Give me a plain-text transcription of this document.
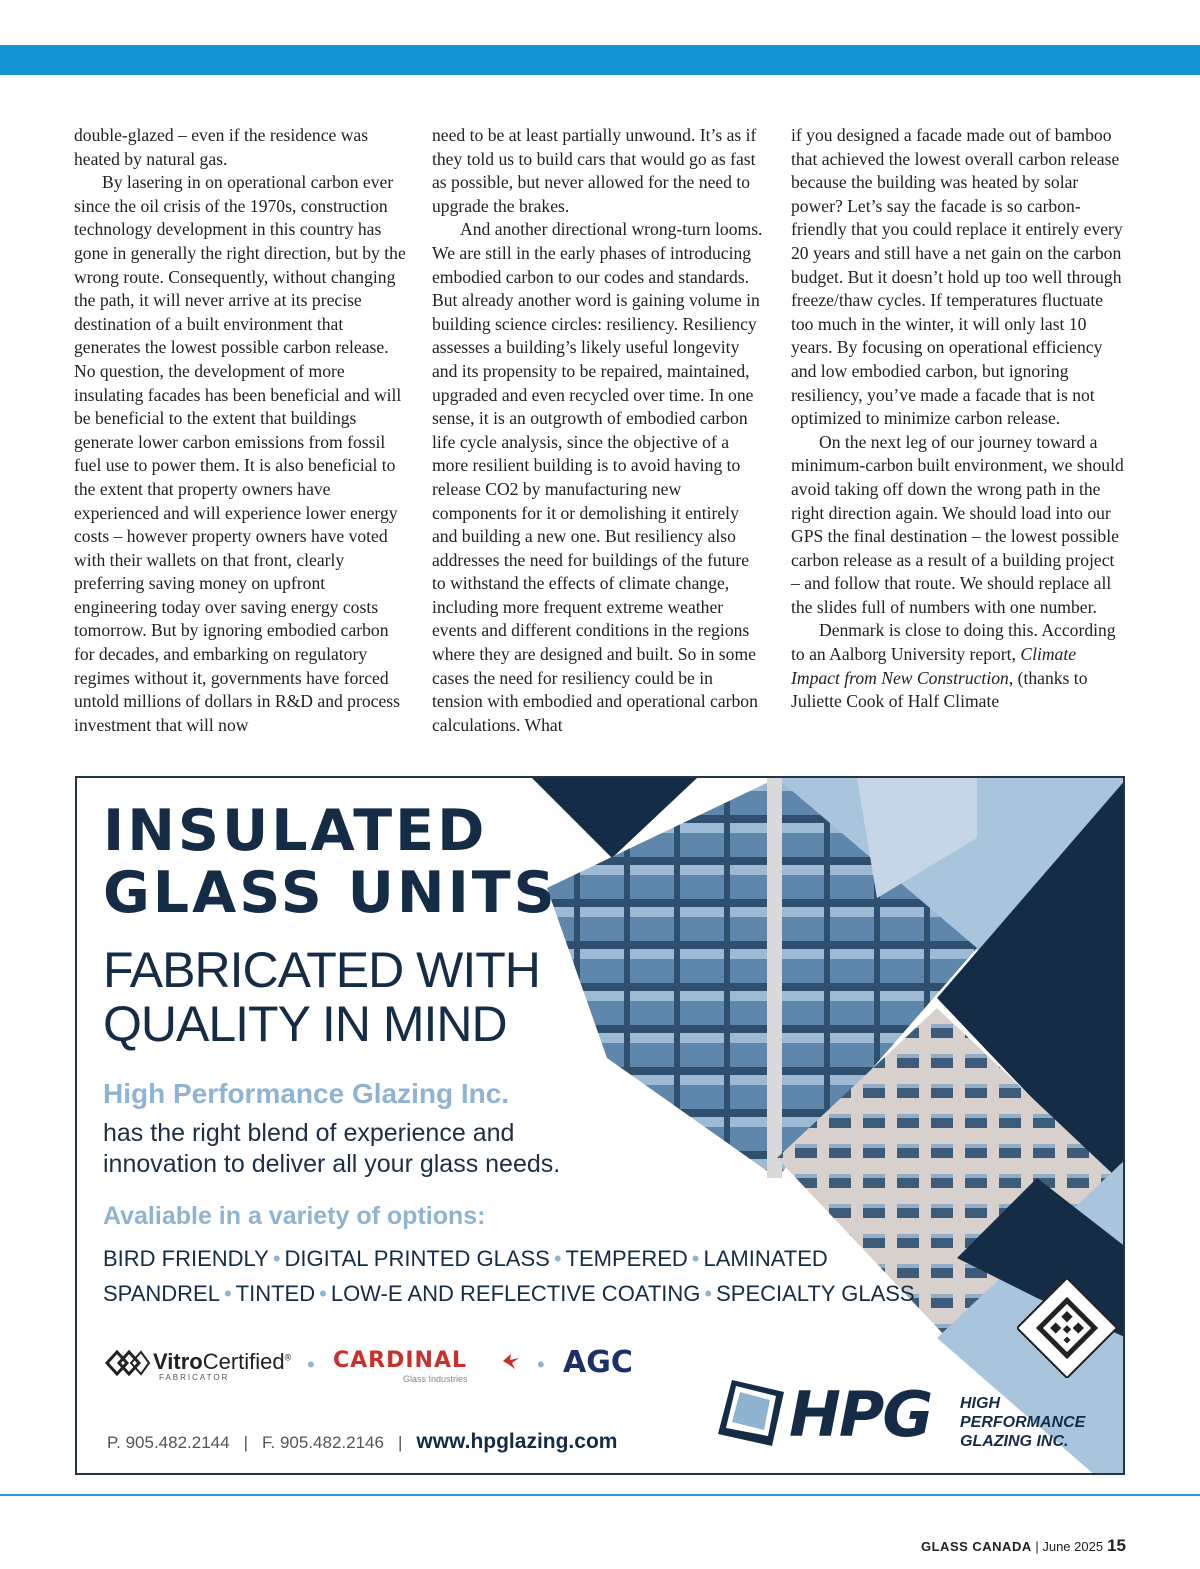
double-glazed – even if the residence was heated by natural gas.

By lasering in on operational carbon ever since the oil crisis of the 1970s, construction technology development in this country has gone in generally the right direction, but by the wrong route. Consequently, without changing the path, it will never arrive at its precise destination of a built environment that generates the lowest possible carbon release. No question, the development of more insulating facades has been beneficial and will be beneficial to the extent that buildings generate lower carbon emissions from fossil fuel use to power them. It is also beneficial to the extent that property owners have experienced and will experience lower energy costs – however property owners have voted with their wallets on that front, clearly preferring saving money on upfront engineering today over saving energy costs tomorrow. But by ignoring embodied carbon for decades, and embarking on regulatory regimes without it, governments have forced untold millions of dollars in R&D and process investment that will now

need to be at least partially unwound. It’s as if they told us to build cars that would go as fast as possible, but never allowed for the need to upgrade the brakes.

And another directional wrong-turn looms. We are still in the early phases of introducing embodied carbon to our codes and standards. But already another word is gaining volume in building science circles: resiliency. Resiliency assesses a building’s likely useful longevity and its propensity to be repaired, maintained, upgraded and even recycled over time. In one sense, it is an outgrowth of embodied carbon life cycle analysis, since the objective of a more resilient building is to avoid having to release CO2 by manufacturing new components for it or demolishing it entirely and building a new one. But resiliency also addresses the need for buildings of the future to withstand the effects of climate change, including more frequent extreme weather events and different conditions in the regions where they are designed and built. So in some cases the need for resiliency could be in tension with embodied and operational carbon calculations. What

if you designed a facade made out of bamboo that achieved the lowest overall carbon release because the building was heated by solar power? Let’s say the facade is so carbon-friendly that you could replace it entirely every 20 years and still have a net gain on the carbon budget. But it doesn’t hold up too well through freeze/thaw cycles. If temperatures fluctuate too much in the winter, it will only last 10 years. By focusing on operational efficiency and low embodied carbon, but ignoring resiliency, you’ve made a facade that is not optimized to minimize carbon release.

On the next leg of our journey toward a minimum-carbon built environment, we should avoid taking off down the wrong path in the right direction again. We should load into our GPS the final destination – the lowest possible carbon release as a result of a building project – and follow that route. We should replace all the slides full of numbers with one number.

Denmark is close to doing this. According to an Aalborg University report, Climate Impact from New Construction, (thanks to Juliette Cook of Half Climate

INSULATED
GLASS UNITS
FABRICATED WITH
QUALITY IN MIND

High Performance Glazing Inc.

has the right blend of experience and
innovation to deliver all your glass needs.

Avaliable in a variety of options:

BIRD FRIENDLY • DIGITAL PRINTED GLASS • TEMPERED • LAMINATED

SPANDREL • TINTED • LOW-E AND REFLECTIVE COATING • SPECIALTY GLASS

VitroCertified®
FABRICATOR
• CARDINAL
Glass Industries
• AGC

P. 905.482.2144 | F. 905.482.2146 | www.hpglazing.com	HPG HIGH
PERFORMANCE
GLAZING INC.

GLASS CANADA | June 2025 15
